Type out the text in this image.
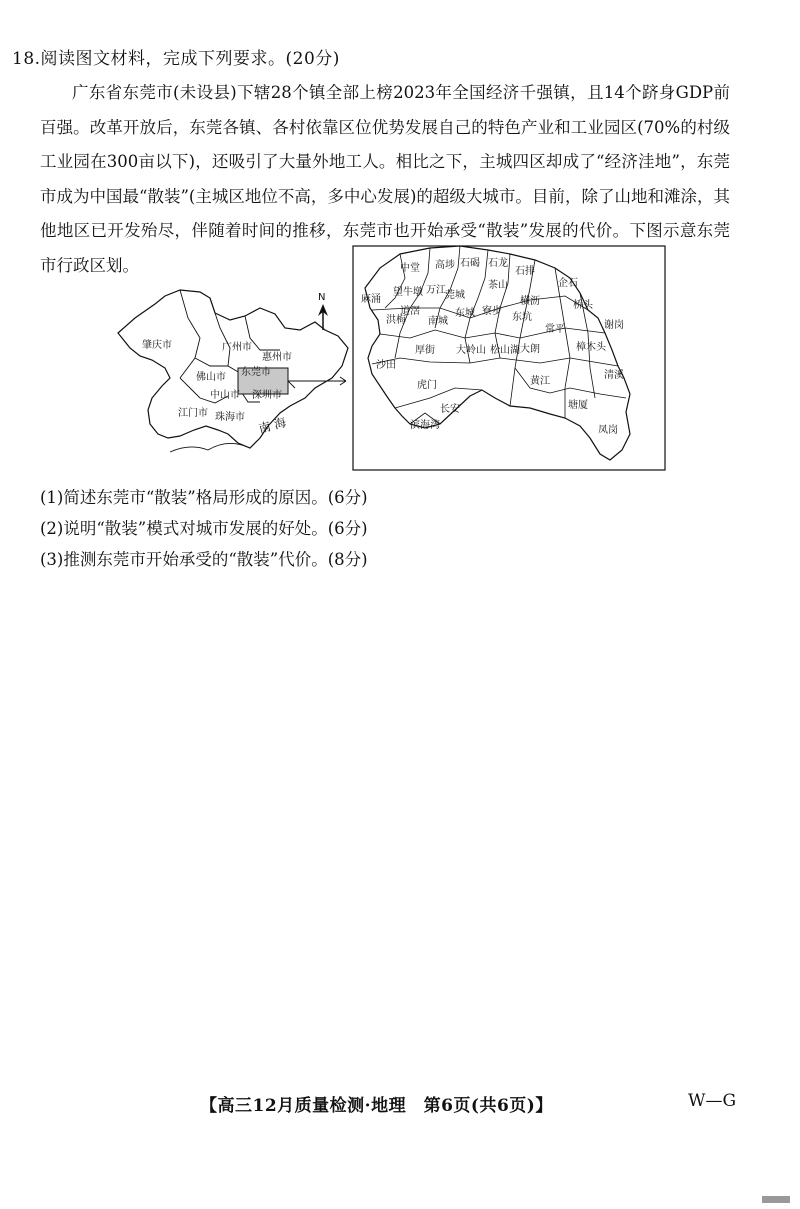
18.阅读图文材料，完成下列要求。(20分)
广东省东莞市(未设县)下辖28个镇全部上榜2023年全国经济千强镇，且14个跻身GDP前百强。改革开放后，东莞各镇、各村依靠区位优势发展自己的特色产业和工业园区(70%的村级工业园在300亩以下)，还吸引了大量外地工人。相比之下，主城四区却成了“经济洼地”，东莞市成为中国最“散装”(主城区地位不高，多中心发展)的超级大城市。目前，除了山地和滩涂，其他地区已开发殆尽，伴随着时间的推移，东莞市也开始承受“散装”发展的代价。下图示意东莞市行政区划。
肇庆市	广州市
惠州市
佛山市 东莞市
中山市 深圳市
江门市 珠海市 南 海
N
中堂 高埗 石碣 石龙
石排
麻涌
望牛墩 万江 莞城
茶山
横沥
企石
洪梅
道滘
南城
东城 寮步
东坑
桥头
常平	谢岗
厚街 大岭山 松山湖 大朗	樟木头
沙田
黄江
清溪
虎门
长安	塘厦
滨海湾	凤岗
(1)简述东莞市“散装”格局形成的原因。(6分)
(2)说明“散装”模式对城市发展的好处。(6分)
(3)推测东莞市开始承受的“散装”代价。(8分)
【高三12月质量检测·地理　第6页(共6页)】	W—G
